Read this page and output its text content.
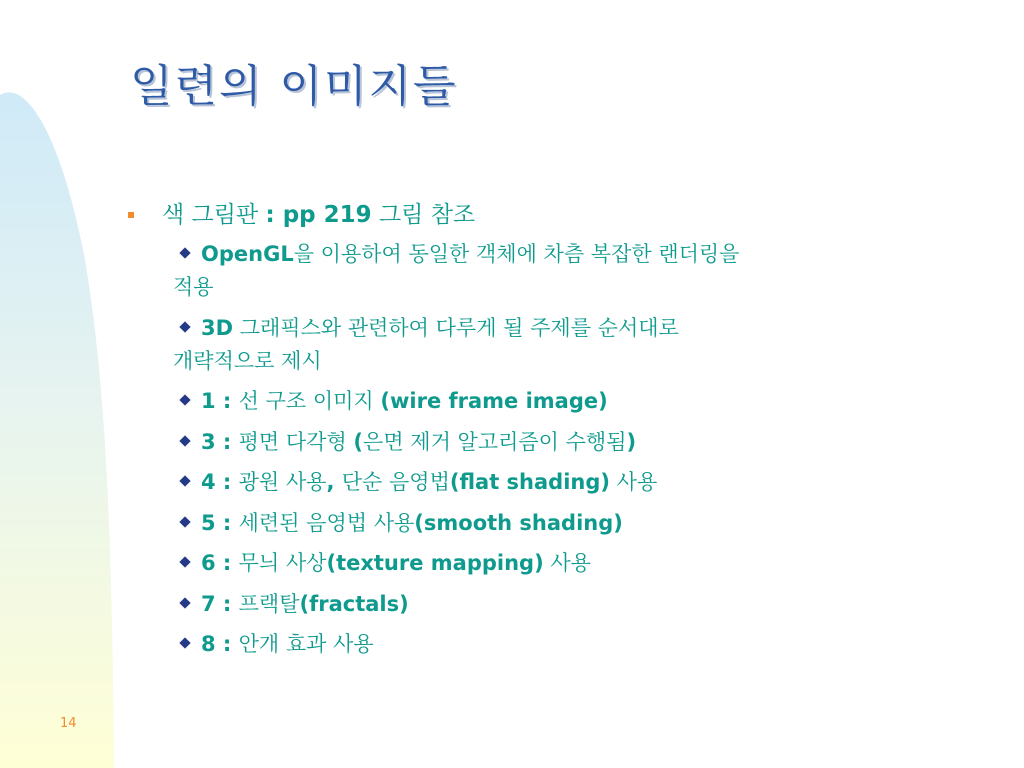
일련의 이미지들
색 그림판 : pp 219 그림 참조
OpenGL을 이용하여 동일한 객체에 차츰 복잡한 랜더링을
적용
3D 그래픽스와 관련하여 다루게 될 주제를 순서대로
개략적으로 제시
1 : 선 구조 이미지 (wire frame image)
3 : 평면 다각형 (은면 제거 알고리즘이 수행됨)
4 : 광원 사용, 단순 음영법(flat shading) 사용
5 : 세련된 음영법 사용(smooth shading)
6 : 무늬 사상(texture mapping) 사용
7 : 프랙탈(fractals)
8 : 안개 효과 사용
14
